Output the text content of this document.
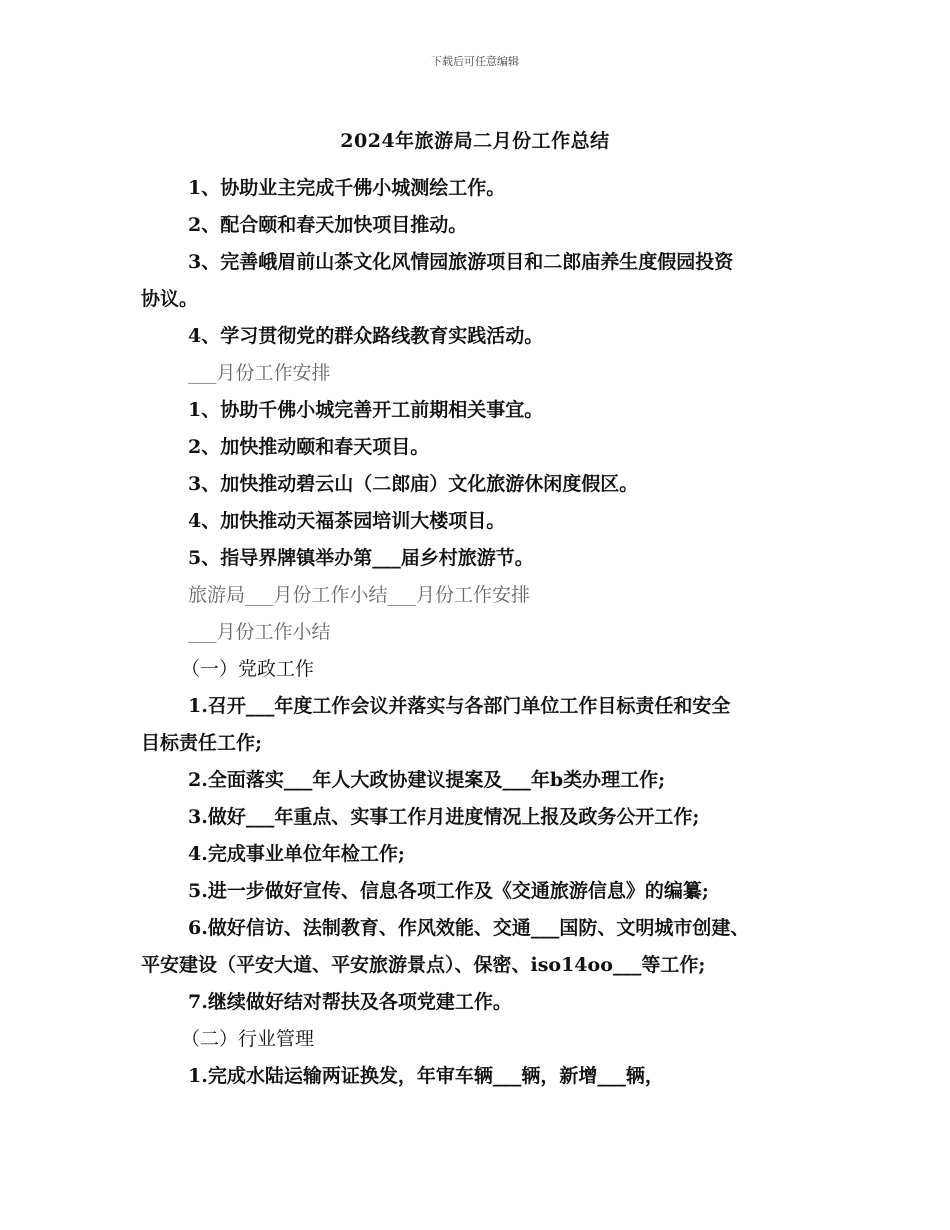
下载后可任意编辑
2024年旅游局二月份工作总结

1、协助业主完成千佛小城测绘工作。

2、配合颐和春天加快项目推动。

3、完善峨眉前山茶文化风情园旅游项目和二郎庙养生度假园投资

协议。

4、学习贯彻党的群众路线教育实践活动。

___月份工作安排

1、协助千佛小城完善开工前期相关事宜。

2、加快推动颐和春天项目。

3、加快推动碧云山（二郎庙）文化旅游休闲度假区。

4、加快推动天福茶园培训大楼项目。

5、指导界牌镇举办第___届乡村旅游节。

旅游局___月份工作小结___月份工作安排

___月份工作小结

（一）党政工作

1.召开___年度工作会议并落实与各部门单位工作目标责任和安全

目标责任工作;

2.全面落实___年人大政协建议提案及___年b类办理工作;

3.做好___年重点、实事工作月进度情况上报及政务公开工作;

4.完成事业单位年检工作;

5.进一步做好宣传、信息各项工作及《交通旅游信息》的编纂;

6.做好信访、法制教育、作风效能、交通___国防、文明城市创建、

平安建设（平安大道、平安旅游景点）、保密、iso14oo___等工作;

7.继续做好结对帮扶及各项党建工作。

（二）行业管理

1.完成水陆运输两证换发，年审车辆___辆，新增___辆，
